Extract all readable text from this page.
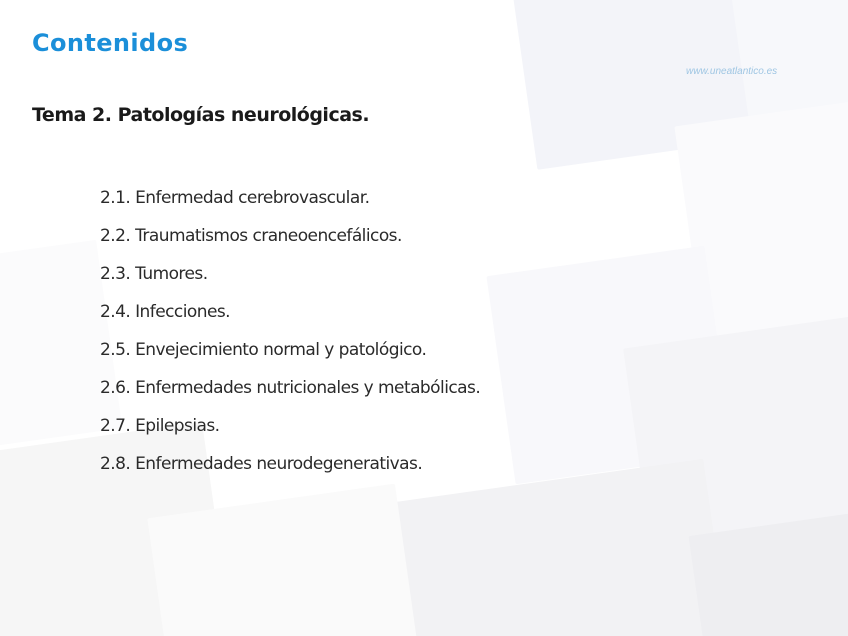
Contenidos
www.uneatlantico.es
Tema 2. Patologías neurológicas.
2.1. Enfermedad cerebrovascular.
2.2. Traumatismos craneoencefálicos.
2.3. Tumores.
2.4. Infecciones.
2.5. Envejecimiento normal y patológico.
2.6. Enfermedades nutricionales y metabólicas.
2.7. Epilepsias.
2.8. Enfermedades neurodegenerativas.
